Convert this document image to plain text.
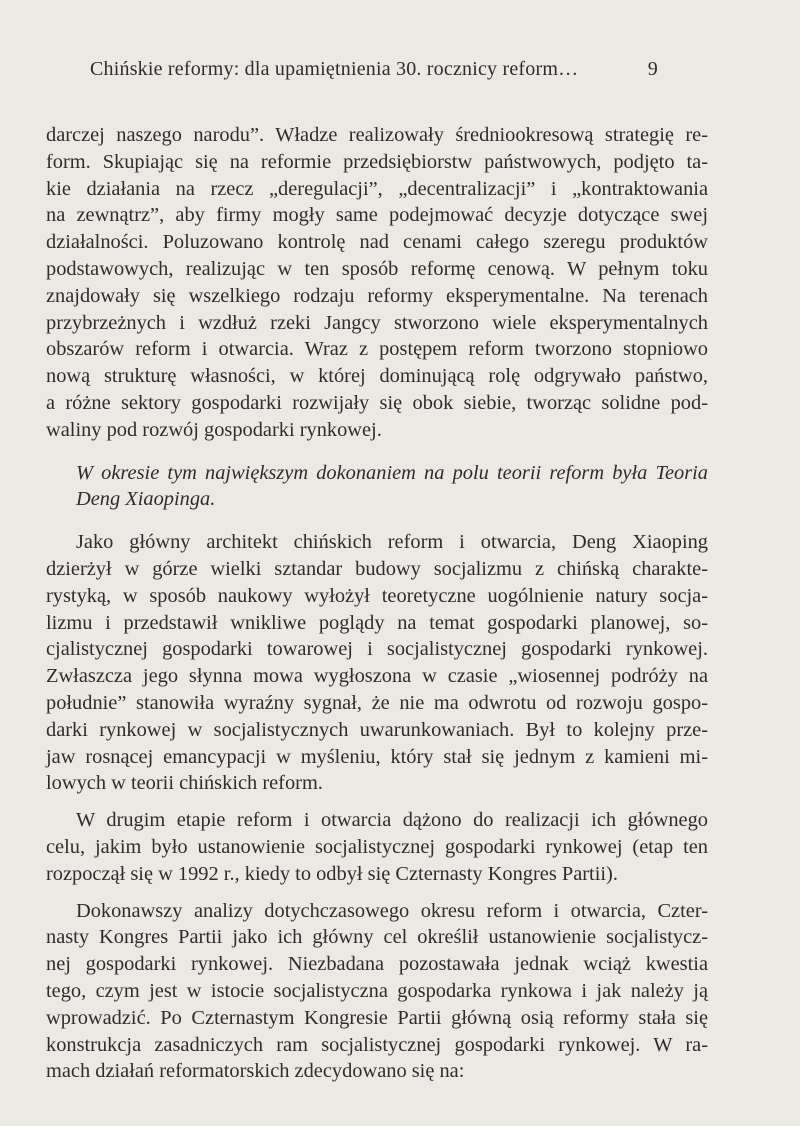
Chińskie reformy: dla upamiętnienia 30. rocznicy reform…	9

darczej naszego narodu”. Władze realizowały średniookresową strategię re-
form. Skupiając się na reformie przedsiębiorstw państwowych, podjęto ta-
kie działania na rzecz „deregulacji”, „decentralizacji” i „kontraktowania
na zewnątrz”, aby firmy mogły same podejmować decyzje dotyczące swej
działalności. Poluzowano kontrolę nad cenami całego szeregu produktów
podstawowych, realizując w ten sposób reformę cenową. W pełnym toku
znajdowały się wszelkiego rodzaju reformy eksperymentalne. Na terenach
przybrzeżnych i wzdłuż rzeki Jangcy stworzono wiele eksperymentalnych
obszarów reform i otwarcia. Wraz z postępem reform tworzono stopniowo
nową strukturę własności, w której dominującą rolę odgrywało państwo,
a różne sektory gospodarki rozwijały się obok siebie, tworząc solidne pod-
waliny pod rozwój gospodarki rynkowej.

W okresie tym największym dokonaniem na polu teorii reform była Teoria
Deng Xiaopinga.

Jako główny architekt chińskich reform i otwarcia, Deng Xiaoping
dzierżył w górze wielki sztandar budowy socjalizmu z chińską charakte-
rystyką, w sposób naukowy wyłożył teoretyczne uogólnienie natury socja-
lizmu i przedstawił wnikliwe poglądy na temat gospodarki planowej, so-
cjalistycznej gospodarki towarowej i socjalistycznej gospodarki rynkowej.
Zwłaszcza jego słynna mowa wygłoszona w czasie „wiosennej podróży na
południe” stanowiła wyraźny sygnał, że nie ma odwrotu od rozwoju gospo-
darki rynkowej w socjalistycznych uwarunkowaniach. Był to kolejny prze-
jaw rosnącej emancypacji w myśleniu, który stał się jednym z kamieni mi-
lowych w teorii chińskich reform.

W drugim etapie reform i otwarcia dążono do realizacji ich głównego
celu, jakim było ustanowienie socjalistycznej gospodarki rynkowej (etap ten
rozpoczął się w 1992 r., kiedy to odbył się Czternasty Kongres Partii).

Dokonawszy analizy dotychczasowego okresu reform i otwarcia, Czter-
nasty Kongres Partii jako ich główny cel określił ustanowienie socjalistycz-
nej gospodarki rynkowej. Niezbadana pozostawała jednak wciąż kwestia
tego, czym jest w istocie socjalistyczna gospodarka rynkowa i jak należy ją
wprowadzić. Po Czternastym Kongresie Partii główną osią reformy stała się
konstrukcja zasadniczych ram socjalistycznej gospodarki rynkowej. W ra-
mach działań reformatorskich zdecydowano się na:
